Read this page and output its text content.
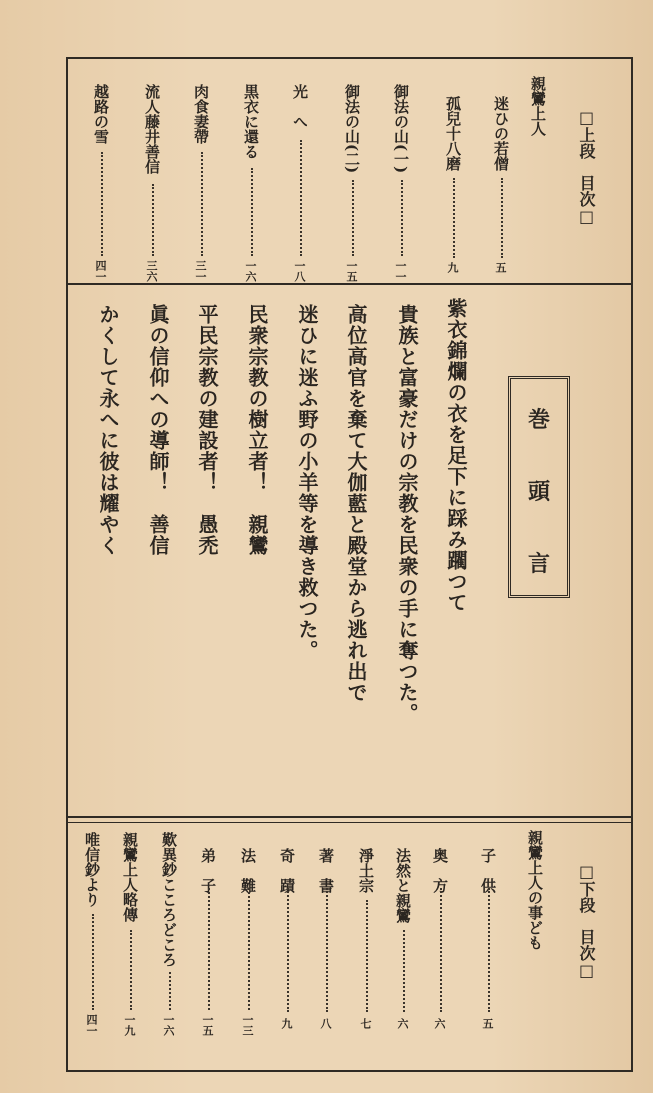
□上段　目次□
親鸞上人
迷ひの若僧
五
孤兒十八磨
九
御法の山(一)
一一
御法の山(二)
一五
光　へ
一八
黒衣に還る
一六
肉食妻帶
三一
流人藤井善信
三六
越路の雪
四一
巻
頭
言
紫衣錦爛の衣を足下に踩み躙つて
貴族と富豪だけの宗教を民衆の手に奪つた。
高位高官を棄て大伽藍と殿堂から逃れ出で
迷ひに迷ふ野の小羊等を導き救つた。
民衆宗教の樹立者！　親鸞
平民宗教の建設者！　愚禿
眞の信仰への導師！　善信
かくして永へに彼は耀やく
□下段　目次□
親鸞上人の事ども
子　供
五
奥　方
六
法然と親鸞
六
淨土宗
七
著　書
八
奇　蹟
九
法　難
一三
弟　子
一五
歎異鈔こころどころ
一六
親鸞上人略傳
一九
唯信鈔より
四一
